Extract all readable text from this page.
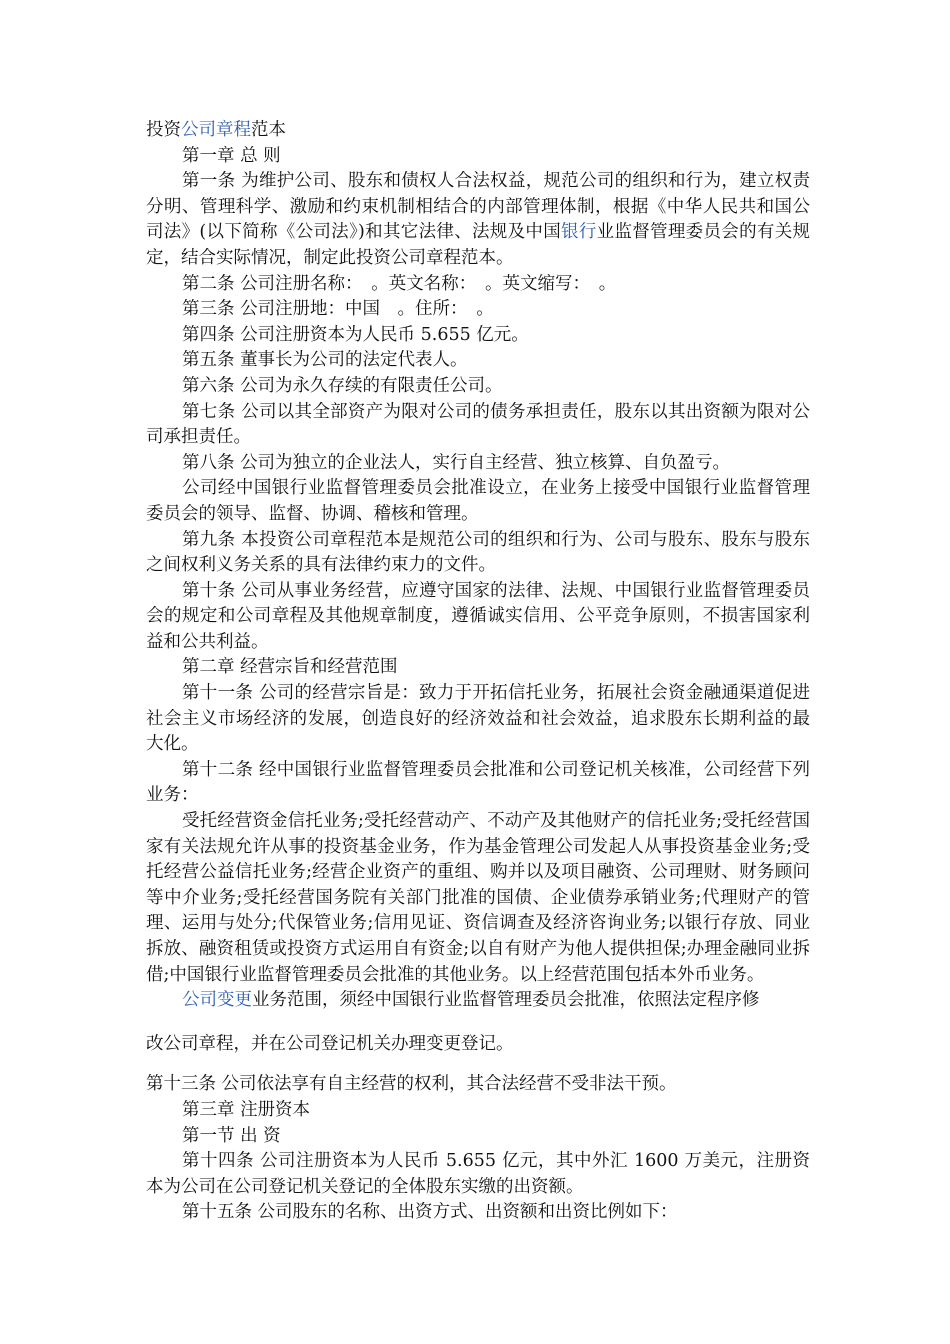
投资公司章程范本

第一章 总 则

第一条 为维护公司、股东和债权人合法权益，规范公司的组织和行为，建立权责分明、管理科学、激励和约束机制相结合的内部管理体制，根据《中华人民共和国公司法》(以下简称《公司法》)和其它法律、法规及中国银行业监督管理委员会的有关规定，结合实际情况，制定此投资公司章程范本。

第二条 公司注册名称：　。英文名称：　。英文缩写：　。

第三条 公司注册地：中国　。住所：　。

第四条 公司注册资本为人民币 5.655 亿元。

第五条 董事长为公司的法定代表人。

第六条 公司为永久存续的有限责任公司。

第七条 公司以其全部资产为限对公司的债务承担责任，股东以其出资额为限对公司承担责任。

第八条 公司为独立的企业法人，实行自主经营、独立核算、自负盈亏。

公司经中国银行业监督管理委员会批准设立，在业务上接受中国银行业监督管理委员会的领导、监督、协调、稽核和管理。

第九条 本投资公司章程范本是规范公司的组织和行为、公司与股东、股东与股东之间权利义务关系的具有法律约束力的文件。

第十条 公司从事业务经营，应遵守国家的法律、法规、中国银行业监督管理委员会的规定和公司章程及其他规章制度，遵循诚实信用、公平竞争原则，不损害国家利益和公共利益。

第二章 经营宗旨和经营范围

第十一条 公司的经营宗旨是：致力于开拓信托业务，拓展社会资金融通渠道促进社会主义市场经济的发展，创造良好的经济效益和社会效益，追求股东长期利益的最大化。

第十二条 经中国银行业监督管理委员会批准和公司登记机关核准，公司经营下列业务：

受托经营资金信托业务;受托经营动产、不动产及其他财产的信托业务;受托经营国家有关法规允许从事的投资基金业务，作为基金管理公司发起人从事投资基金业务;受托经营公益信托业务;经营企业资产的重组、购并以及项目融资、公司理财、财务顾问等中介业务;受托经营国务院有关部门批准的国债、企业债券承销业务;代理财产的管理、运用与处分;代保管业务;信用见证、资信调查及经济咨询业务;以银行存放、同业拆放、融资租赁或投资方式运用自有资金;以自有财产为他人提供担保;办理金融同业拆借;中国银行业监督管理委员会批准的其他业务。以上经营范围包括本外币业务。

公司变更业务范围，须经中国银行业监督管理委员会批准，依照法定程序修

改公司章程，并在公司登记机关办理变更登记。

第十三条 公司依法享有自主经营的权利，其合法经营不受非法干预。

第三章 注册资本

第一节 出 资

第十四条 公司注册资本为人民币 5.655 亿元，其中外汇 1600 万美元，注册资本为公司在公司登记机关登记的全体股东实缴的出资额。

第十五条 公司股东的名称、出资方式、出资额和出资比例如下：
